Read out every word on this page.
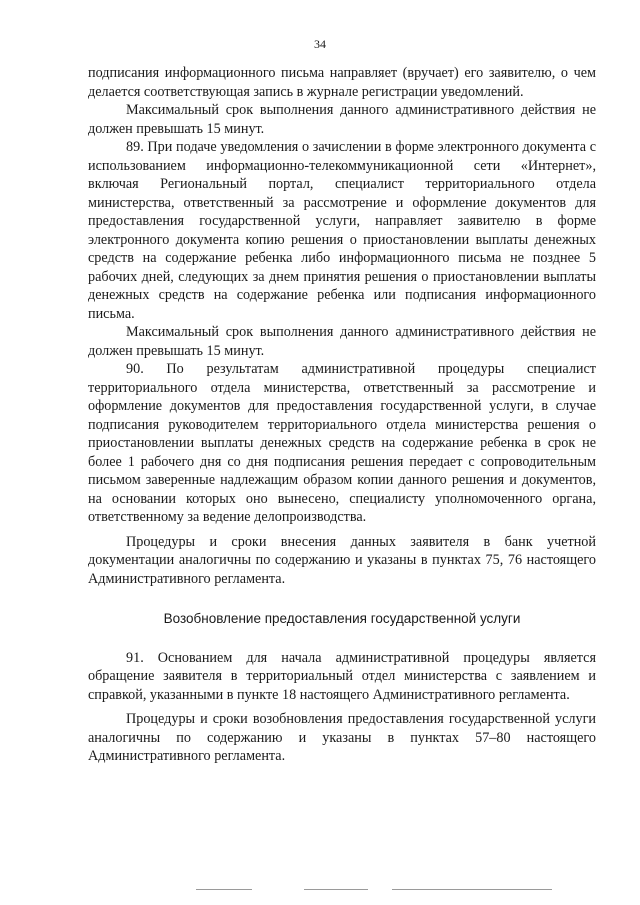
34

подписания информационного письма направляет (вручает) его заявителю, о чем делается соответствующая запись в журнале регистрации уведомлений.

Максимальный срок выполнения данного административного действия не должен превышать 15 минут.

89. При подаче уведомления о зачислении в форме электронного документа с использованием информационно-телекоммуникационной сети «Интернет», включая Региональный портал, специалист территориального отдела министерства, ответственный за рассмотрение и оформление документов для предоставления государственной услуги, направляет заявителю в форме электронного документа копию решения о приостановлении выплаты денежных средств на содержание ребенка либо информационного письма не позднее 5 рабочих дней, следующих за днем принятия решения о приостановлении выплаты денежных средств на содержание ребенка или подписания информационного письма.

Максимальный срок выполнения данного административного действия не должен превышать 15 минут.

90. По результатам административной процедуры специалист территориального отдела министерства, ответственный за рассмотрение и оформление документов для предоставления государственной услуги, в случае подписания руководителем территориального отдела министерства решения о приостановлении выплаты денежных средств на содержание ребенка в срок не более 1 рабочего дня со дня подписания решения передает с сопроводительным письмом заверенные надлежащим образом копии данного решения и документов, на основании которых оно вынесено, специалисту уполномоченного органа, ответственному за ведение делопроизводства.

Процедуры и сроки внесения данных заявителя в банк учетной документации аналогичны по содержанию и указаны в пунктах 75, 76 настоящего Административного регламента.

Возобновление предоставления государственной услуги

91. Основанием для начала административной процедуры является обращение заявителя в территориальный отдел министерства с заявлением и справкой, указанными в пункте 18 настоящего Административного регламента.

Процедуры и сроки возобновления предоставления государственной услуги аналогичны по содержанию и указаны в пунктах 57–80 настоящего Административного регламента.
